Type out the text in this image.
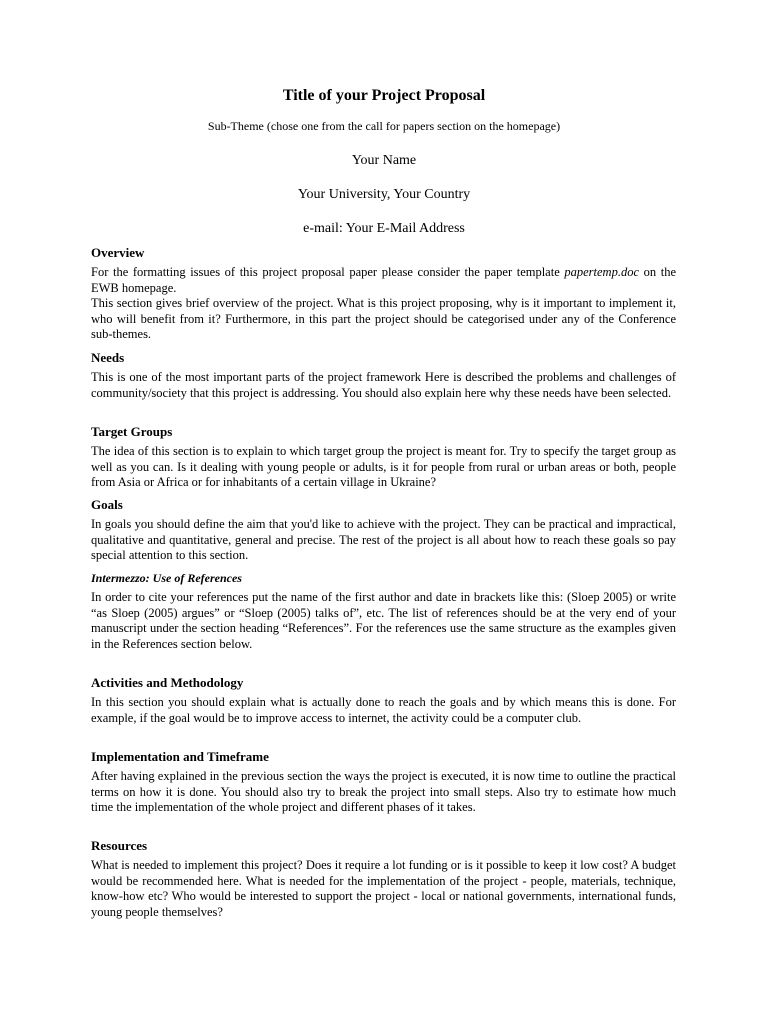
Title of your Project Proposal

Sub-Theme (chose one from the call for papers section on the homepage)

Your Name

Your University, Your Country

e-mail: Your E-Mail Address

Overview

For the formatting issues of this project proposal paper please consider the paper template papertemp.doc on the EWB homepage.

This section gives brief overview of the project. What is this project proposing, why is it important to implement it, who will benefit from it? Furthermore, in this part the project should be categorised under any of the Conference sub-themes.

Needs

This is one of the most important parts of the project framework Here is described the problems and challenges of community/society that this project is addressing. You should also explain here why these needs have been selected.

Target Groups

The idea of this section is to explain to which target group the project is meant for. Try to specify the target group as well as you can. Is it dealing with young people or adults, is it for people from rural or urban areas or both, people from Asia or Africa or for inhabitants of a certain village in Ukraine?

Goals

In goals you should define the aim that you'd like to achieve with the project. They can be practical and impractical, qualitative and quantitative, general and precise. The rest of the project is all about how to reach these goals so pay special attention to this section.

Intermezzo: Use of References

In order to cite your references put the name of the first author and date in brackets like this: (Sloep 2005) or write “as Sloep (2005) argues” or “Sloep (2005) talks of”, etc. The list of references should be at the very end of your manuscript under the section heading “References”. For the references use the same structure as the examples given in the References section below.

Activities and Methodology

In this section you should explain what is actually done to reach the goals and by which means this is done. For example, if the goal would be to improve access to internet, the activity could be a computer club.

Implementation and Timeframe

After having explained in the previous section the ways the project is executed, it is now time to outline the practical terms on how it is done. You should also try to break the project into small steps. Also try to estimate how much time the implementation of the whole project and different phases of it takes.

Resources

What is needed to implement this project? Does it require a lot funding or is it possible to keep it low cost? A budget would be recommended here. What is needed for the implementation of the project - people, materials, technique, know-how etc? Who would be interested to support the project - local or national governments, international funds, young people themselves?
